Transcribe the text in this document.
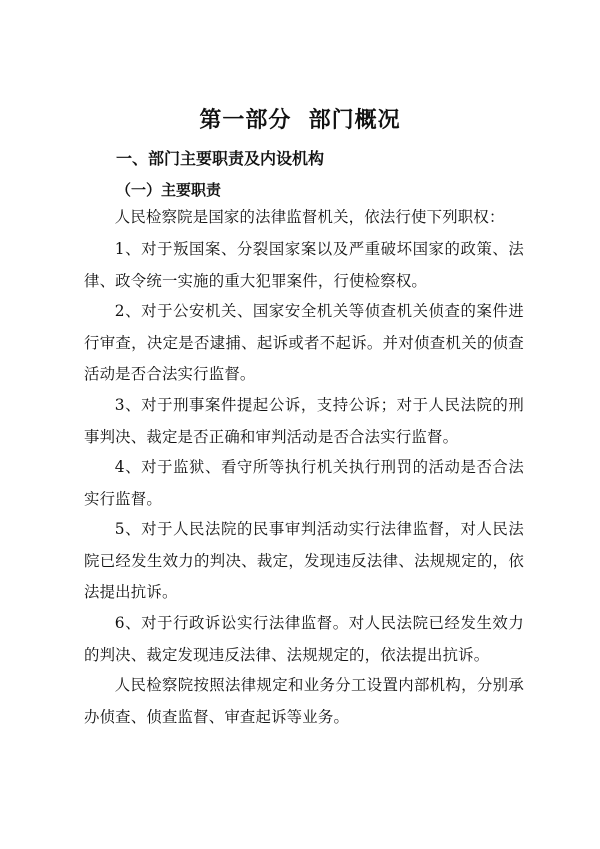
第一部分  部门概况
一、部门主要职责及内设机构
（一）主要职责

人民检察院是国家的法律监督机关，依法行使下列职权：

1、对于叛国案、分裂国家案以及严重破坏国家的政策、法律、政令统一实施的重大犯罪案件，行使检察权。

2、对于公安机关、国家安全机关等侦查机关侦查的案件进行审查，决定是否逮捕、起诉或者不起诉。并对侦查机关的侦查活动是否合法实行监督。

3、对于刑事案件提起公诉，支持公诉；对于人民法院的刑事判决、裁定是否正确和审判活动是否合法实行监督。

4、对于监狱、看守所等执行机关执行刑罚的活动是否合法实行监督。

5、对于人民法院的民事审判活动实行法律监督，对人民法院已经发生效力的判决、裁定，发现违反法律、法规规定的，依法提出抗诉。

6、对于行政诉讼实行法律监督。对人民法院已经发生效力的判决、裁定发现违反法律、法规规定的，依法提出抗诉。

人民检察院按照法律规定和业务分工设置内部机构，分别承办侦查、侦查监督、审查起诉等业务。
